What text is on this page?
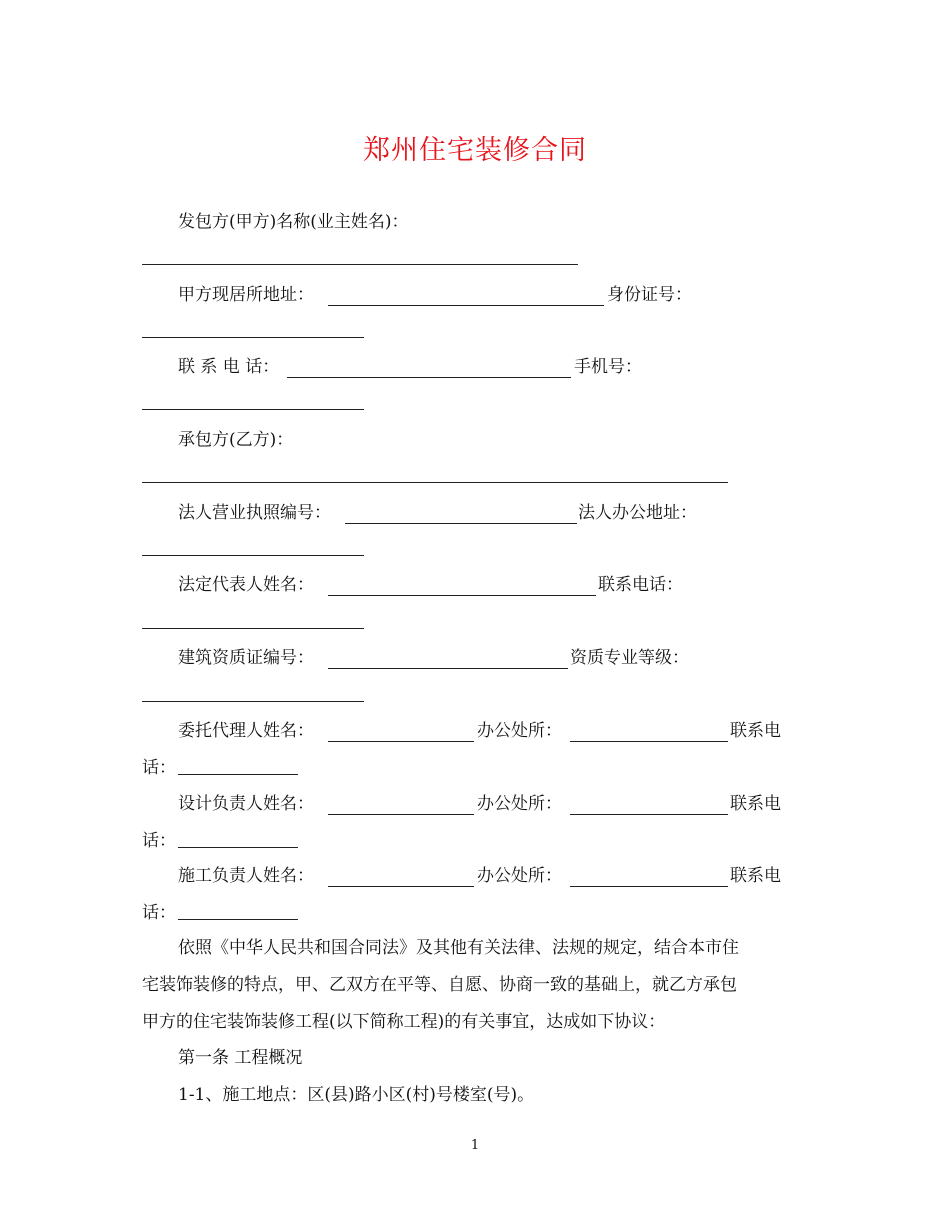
郑州住宅装修合同
发包方(甲方)名称(业主姓名)：
甲方现居所地址：	身份证号：
联 系 电 话：	手机号：
承包方(乙方)：
法人营业执照编号：	法人办公地址：
法定代表人姓名：	联系电话：
建筑资质证编号：	资质专业等级：
委托代理人姓名：	办公处所：	联系电
话：
设计负责人姓名：	办公处所：	联系电
话：
施工负责人姓名：	办公处所：	联系电
话：
依照《中华人民共和国合同法》及其他有关法律、法规的规定，结合本市住
宅装饰装修的特点，甲、乙双方在平等、自愿、协商一致的基础上，就乙方承包
甲方的住宅装饰装修工程(以下简称工程)的有关事宜，达成如下协议：
第一条 工程概况
1-1、施工地点：区(县)路小区(村)号楼室(号)。
1
